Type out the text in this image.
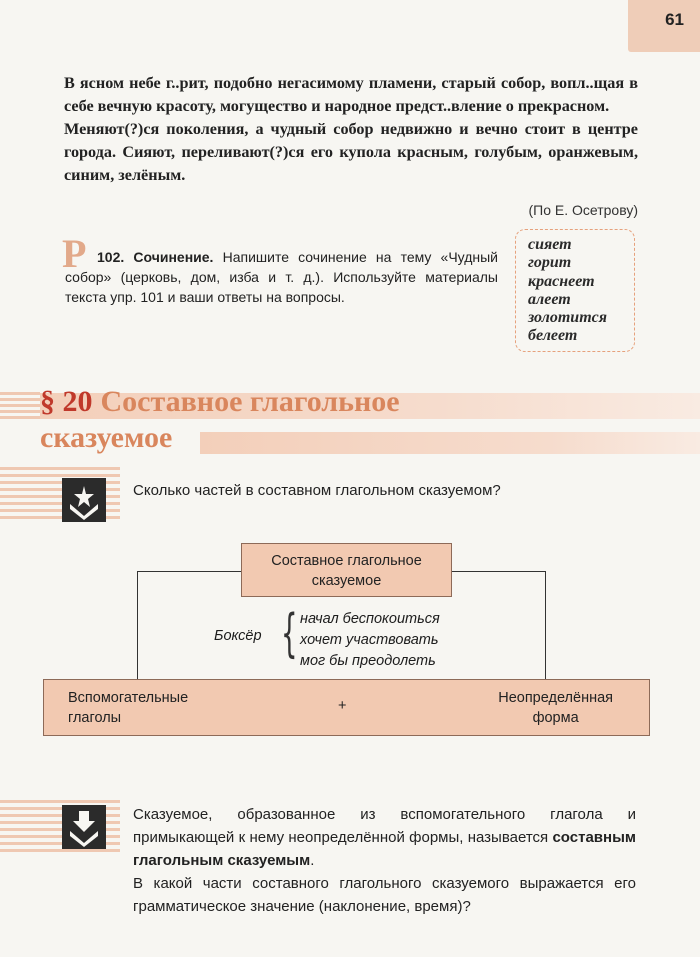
61

В ясном небе г..рит, подобно негасимому пламени, старый собор, вопл..щая в себе вечную красоту, могущество и народное предст..вление о прекрасном.

Меняют(?)ся поколения, а чудный собор недвижно и вечно стоит в центре города. Сияют, переливают(?)ся его купола красным, голубым, оранжевым, синим, зелёным.

(По Е. Осетрову)
Р 102. Сочинение. Напишите сочинение на тему «Чудный собор» (церковь, дом, изба и т. д.). Используйте материалы текста упр. 101 и ваши ответы на вопросы.
сияет
горит
краснеет
алеет
золотится
белеет
§ 20 Составное глагольное
сказуемое
Сколько частей в составном глагольном сказуемом?
Составное глагольное
сказуемое
Боксёр { начал беспокоиться
хочет участвовать
мог бы преодолеть
Вспомогательные
глаголы
+	Неопределённая
форма

Сказуемое, образованное из вспомогательного глагола и примыкающей к нему неопределённой формы, называется составным глагольным сказуемым.

В какой части составного глагольного сказуемого выражается его грамматическое значение (наклонение, время)?
